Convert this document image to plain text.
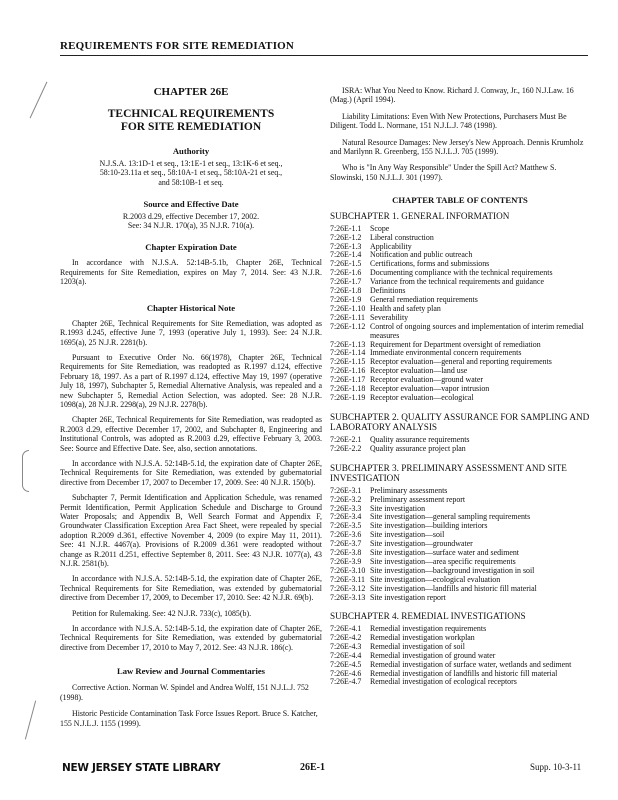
REQUIREMENTS FOR SITE REMEDIATION
CHAPTER 26E
TECHNICAL REQUIREMENTS
FOR SITE REMEDIATION
Authority
N.J.S.A. 13:1D-1 et seq., 13:1E-1 et seq., 13:1K-6 et seq.,
58:10-23.11a et seq., 58:10A-1 et seq., 58:10A-21 et seq.,
and 58:10B-1 et seq.
Source and Effective Date
R.2003 d.29, effective December 17, 2002.
See: 34 N.J.R. 170(a), 35 N.J.R. 710(a).
Chapter Expiration Date

In accordance with N.J.S.A. 52:14B-5.1b, Chapter 26E, Technical Requirements for Site Remediation, expires on May 7, 2014. See: 43 N.J.R. 1203(a).

Chapter Historical Note

Chapter 26E, Technical Requirements for Site Remediation, was adopted as R.1993 d.245, effective June 7, 1993 (operative July 1, 1993). See: 24 N.J.R. 1695(a), 25 N.J.R. 2281(b).

Pursuant to Executive Order No. 66(1978), Chapter 26E, Technical Requirements for Site Remediation, was readopted as R.1997 d.124, effective February 18, 1997. As a part of R.1997 d.124, effective May 19, 1997 (operative July 18, 1997), Subchapter 5, Remedial Alternative Analysis, was repealed and a new Subchapter 5, Remedial Action Selection, was adopted. See: 28 N.J.R. 1098(a), 28 N.J.R. 2298(a), 29 N.J.R. 2278(b).

Chapter 26E, Technical Requirements for Site Remediation, was readopted as R.2003 d.29, effective December 17, 2002, and Subchapter 8, Engineering and Institutional Controls, was adopted as R.2003 d.29, effective February 3, 2003. See: Source and Effective Date. See, also, section annotations.

In accordance with N.J.S.A. 52:14B-5.1d, the expiration date of Chapter 26E, Technical Requirements for Site Remediation, was extended by gubernatorial directive from December 17, 2007 to December 17, 2009. See: 40 N.J.R. 150(b).

Subchapter 7, Permit Identification and Application Schedule, was renamed Permit Identification, Permit Application Schedule and Discharge to Ground Water Proposals; and Appendix B, Well Search Format and Appendix F, Groundwater Classification Exception Area Fact Sheet, were repealed by special adoption R.2009 d.361, effective November 4, 2009 (to expire May 11, 2011). See: 41 N.J.R. 4467(a). Provisions of R.2009 d.361 were readopted without change as R.2011 d.251, effective September 8, 2011. See: 43 N.J.R. 1077(a), 43 N.J.R. 2581(b).

In accordance with N.J.S.A. 52:14B-5.1d, the expiration date of Chapter 26E, Technical Requirements for Site Remediation, was extended by gubernatorial directive from December 17, 2009, to December 17, 2010. See: 42 N.J.R. 69(b).

Petition for Rulemaking. See: 42 N.J.R. 733(c), 1085(b).

In accordance with N.J.S.A. 52:14B-5.1d, the expiration date of Chapter 26E, Technical Requirements for Site Remediation, was extended by gubernatorial directive from December 17, 2010 to May 7, 2012. See: 43 N.J.R. 186(c).

Law Review and Journal Commentaries

Corrective Action. Norman W. Spindel and Andrea Wolff, 151 N.J.L.J. 752 (1998).

Historic Pesticide Contamination Task Force Issues Report. Bruce S. Katcher, 155 N.J.L.J. 1155 (1999).

ISRA: What You Need to Know. Richard J. Conway, Jr., 160 N.J.Law. 16 (Mag.) (April 1994).

Liability Limitations: Even With New Protections, Purchasers Must Be Diligent. Todd L. Normane, 151 N.J.L.J. 748 (1998).

Natural Resource Damages: New Jersey's New Approach. Dennis Krumholz and Marilynn R. Greenberg, 155 N.J.L.J. 705 (1999).

Who is "In Any Way Responsible" Under the Spill Act? Matthew S. Slowinski, 150 N.J.L.J. 301 (1997).

CHAPTER TABLE OF CONTENTS
SUBCHAPTER 1. GENERAL INFORMATION
7:26E-1.1	Scope
7:26E-1.2	Liberal construction
7:26E-1.3	Applicability
7:26E-1.4	Notification and public outreach
7:26E-1.5	Certifications, forms and submissions
7:26E-1.6	Documenting compliance with the technical requirements
7:26E-1.7	Variance from the technical requirements and guidance
7:26E-1.8	Definitions
7:26E-1.9	General remediation requirements
7:26E-1.10 Health and safety plan
7:26E-1.11 Severability
7:26E-1.12 Control of ongoing sources and implementation of interim remedial measures
7:26E-1.13 Requirement for Department oversight of remediation
7:26E-1.14 Immediate environmental concern requirements
7:26E-1.15 Receptor evaluation—general and reporting requirements
7:26E-1.16 Receptor evaluation—land use
7:26E-1.17 Receptor evaluation—ground water
7:26E-1.18 Receptor evaluation—vapor intrusion
7:26E-1.19 Receptor evaluation—ecological
SUBCHAPTER 2. QUALITY ASSURANCE FOR SAMPLING AND LABORATORY ANALYSIS
7:26E-2.1	Quality assurance requirements
7:26E-2.2	Quality assurance project plan
SUBCHAPTER 3. PRELIMINARY ASSESSMENT AND SITE INVESTIGATION
7:26E-3.1	Preliminary assessments
7:26E-3.2	Preliminary assessment report
7:26E-3.3	Site investigation
7:26E-3.4	Site investigation—general sampling requirements
7:26E-3.5	Site investigation—building interiors
7:26E-3.6	Site investigation—soil
7:26E-3.7	Site investigation—groundwater
7:26E-3.8	Site investigation—surface water and sediment
7:26E-3.9	Site investigation—area specific requirements
7:26E-3.10 Site investigation—background investigation in soil
7:26E-3.11 Site investigation—ecological evaluation
7:26E-3.12 Site investigation—landfills and historic fill material
7:26E-3.13 Site investigation report
SUBCHAPTER 4. REMEDIAL INVESTIGATIONS
7:26E-4.1	Remedial investigation requirements
7:26E-4.2	Remedial investigation workplan
7:26E-4.3	Remedial investigation of soil
7:26E-4.4	Remedial investigation of ground water
7:26E-4.5	Remedial investigation of surface water, wetlands and sediment
7:26E-4.6	Remedial investigation of landfills and historic fill material
7:26E-4.7	Remedial investigation of ecological receptors
NEW JERSEY STATE LIBRARY	26E-1	Supp. 10-3-11
